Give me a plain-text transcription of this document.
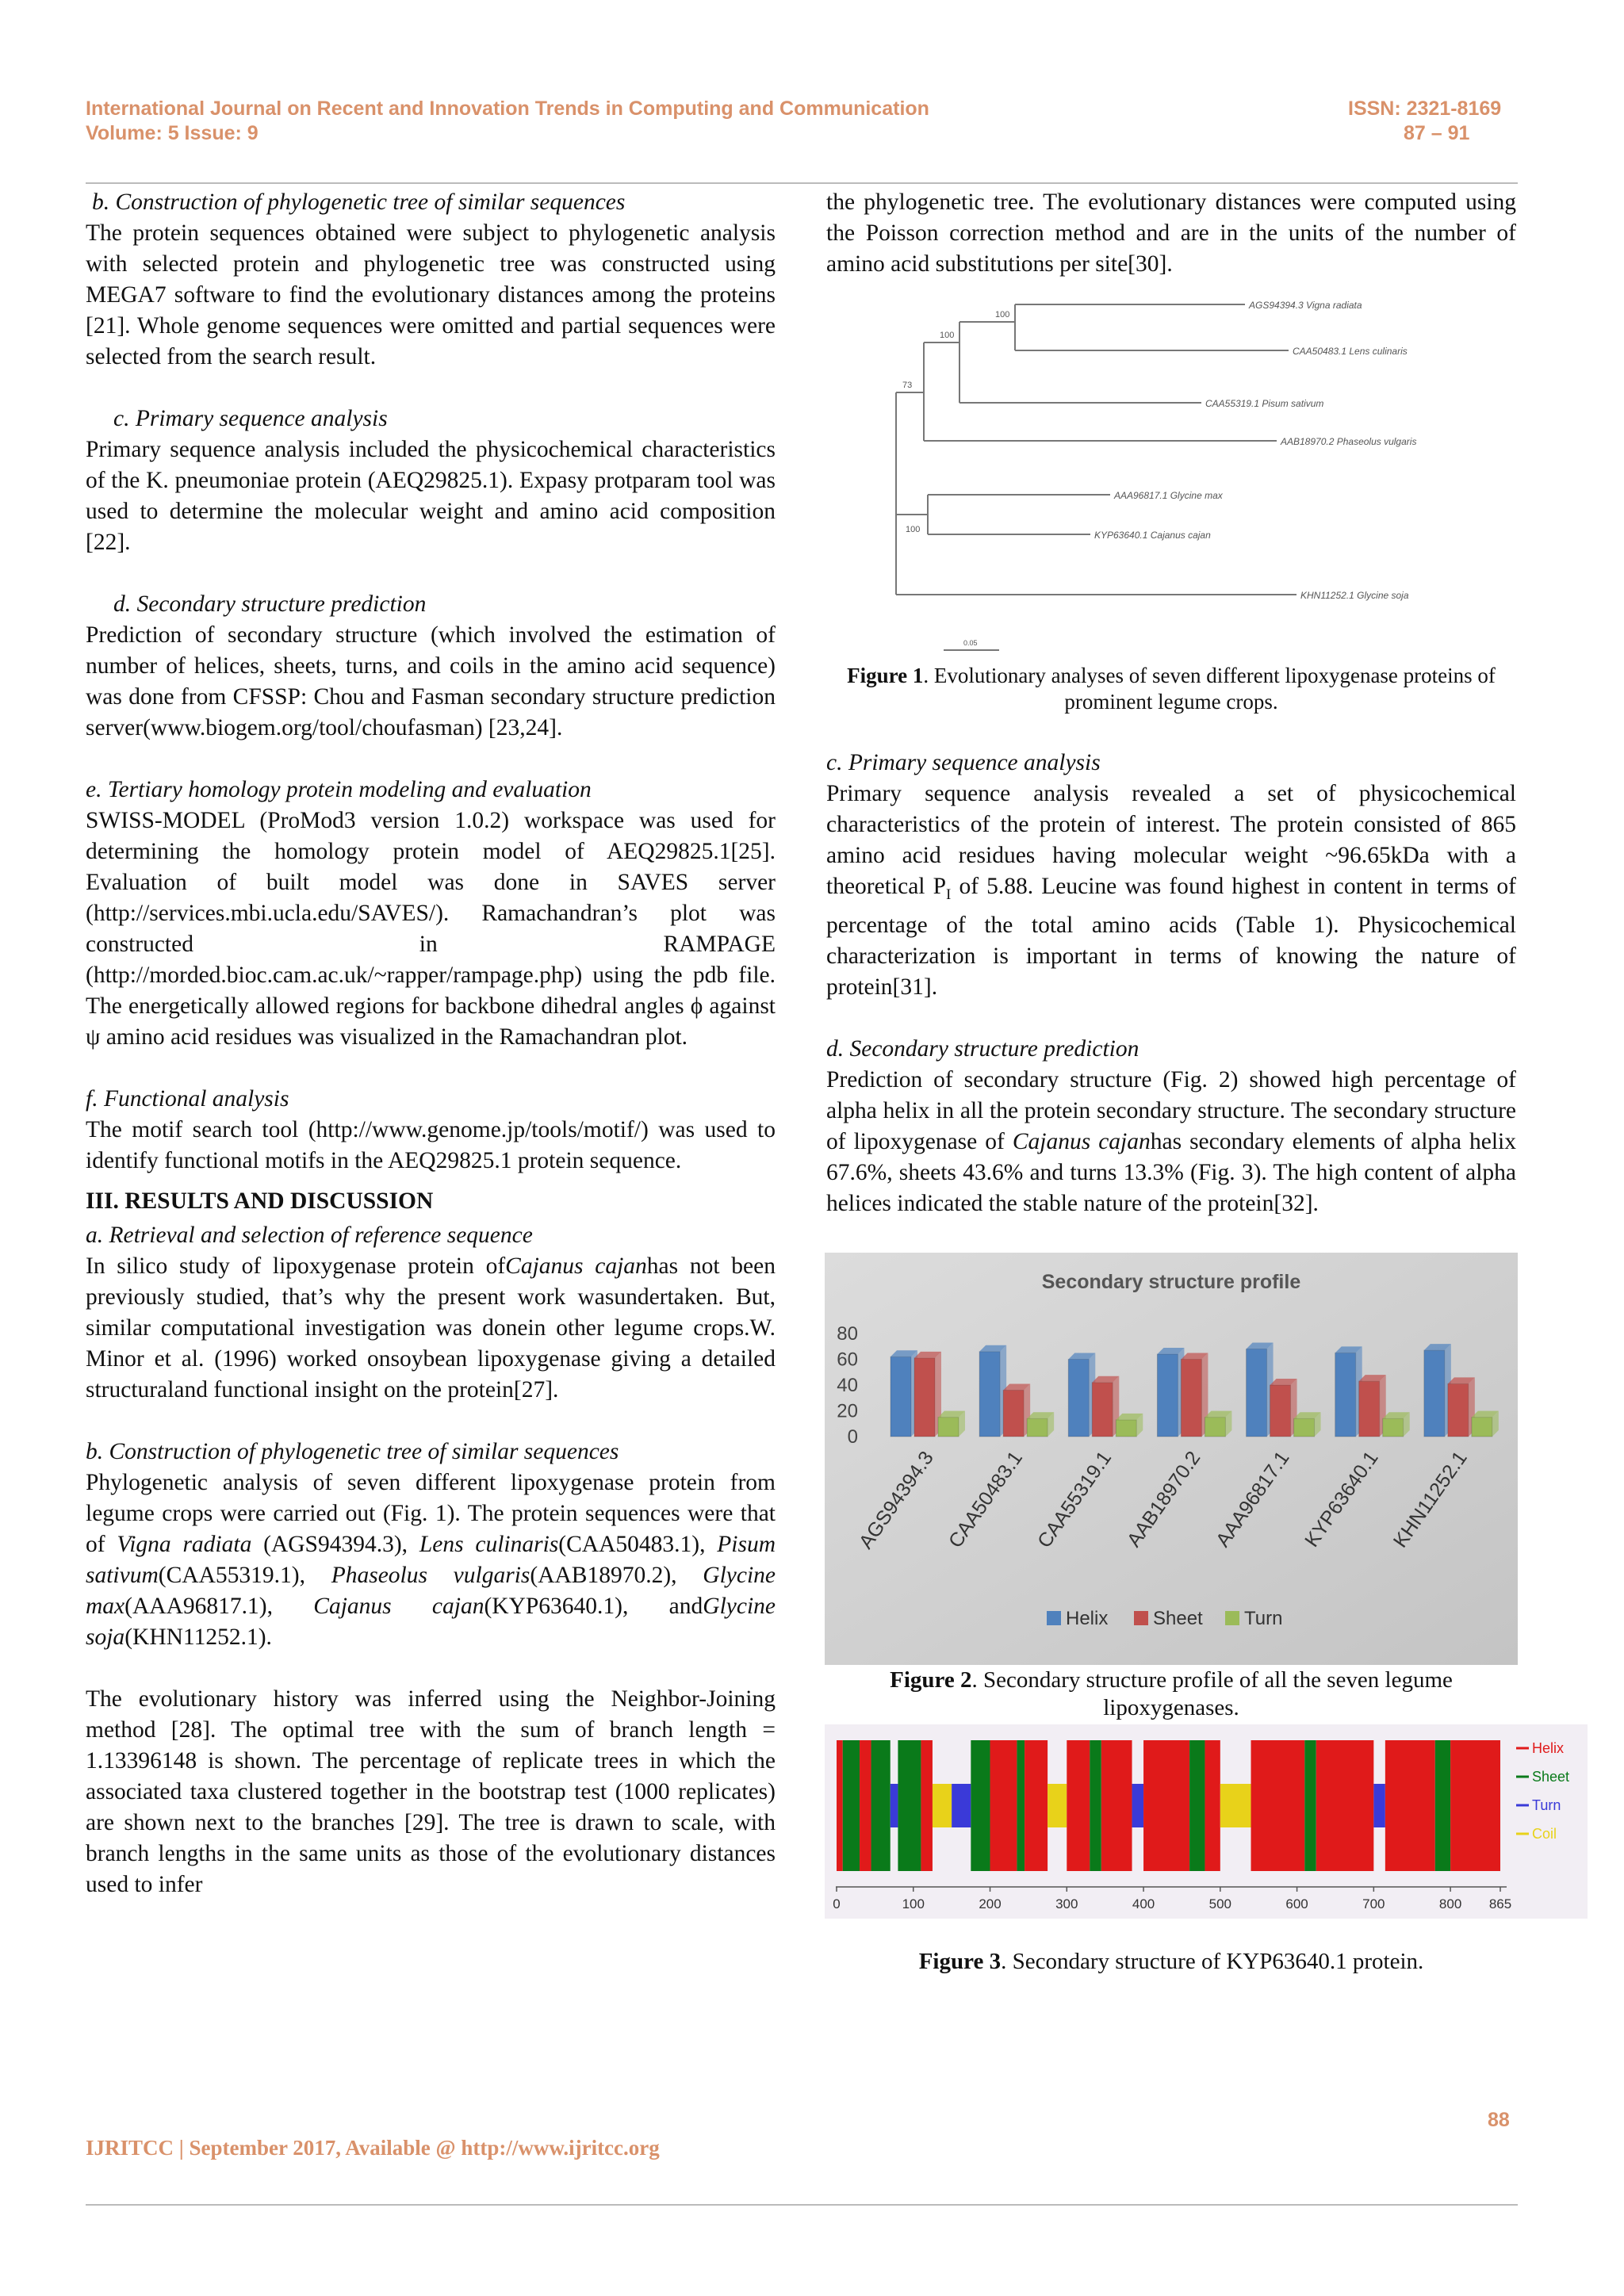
International Journal on Recent and Innovation Trends in Computing and Communication
Volume: 5 Issue: 9
ISSN: 2321-8169
87 – 91

b. Construction of phylogenetic tree of similar sequences

The protein sequences obtained were subject to phylogenetic analysis with selected protein and phylogenetic tree was constructed using MEGA7 software to find the evolutionary distances among the proteins [21]. Whole genome sequences were omitted and partial sequences were selected from the search result.

c. Primary sequence analysis

Primary sequence analysis included the physicochemical characteristics of the K. pneumoniae protein (AEQ29825.1). Expasy protparam tool was used to determine the molecular weight and amino acid composition [22].

d. Secondary structure prediction

Prediction of secondary structure (which involved the estimation of number of helices, sheets, turns, and coils in the amino acid sequence) was done from CFSSP: Chou and Fasman secondary structure prediction server(www.biogem.org/tool/choufasman) [23,24].

e. Tertiary homology protein modeling and evaluation

SWISS-MODEL (ProMod3 version 1.0.2) workspace was used for determining the homology protein model of AEQ29825.1[25]. Evaluation of built model was done in SAVES server (http://services.mbi.ucla.edu/SAVES/). Ramachandran’s plot was constructed in RAMPAGE (http://morded.bioc.cam.ac.uk/~rapper/rampage.php) using the pdb file. The energetically allowed regions for backbone dihedral angles ϕ against ψ amino acid residues was visualized in the Ramachandran plot.

f. Functional analysis

The motif search tool (http://www.genome.jp/tools/motif/) was used to identify functional motifs in the AEQ29825.1 protein sequence.

III. RESULTS AND DISCUSSION

a. Retrieval and selection of reference sequence

In silico study of lipoxygenase protein ofCajanus cajanhas not been previously studied, that’s why the present work wasundertaken. But, similar computational investigation was donein other legume crops.W. Minor et al. (1996) worked onsoybean lipoxygenase giving a detailed structuraland functional insight on the protein[27].

b. Construction of phylogenetic tree of similar sequences

Phylogenetic analysis of seven different lipoxygenase protein from legume crops were carried out (Fig. 1). The protein sequences were that of Vigna radiata (AGS94394.3), Lens culinaris(CAA50483.1), Pisum sativum(CAA55319.1), Phaseolus vulgaris(AAB18970.2), Glycine max(AAA96817.1), Cajanus cajan(KYP63640.1), andGlycine soja(KHN11252.1).

The evolutionary history was inferred using the Neighbor-Joining method [28]. The optimal tree with the sum of branch length = 1.13396148 is shown. The percentage of replicate trees in which the associated taxa clustered together in the bootstrap test (1000 replicates) are shown next to the branches [29]. The tree is drawn to scale, with branch lengths in the same units as those of the evolutionary distances used to infer

the phylogenetic tree. The evolutionary distances were computed using the Poisson correction method and are in the units of the number of amino acid substitutions per site[30].

AGS94394.3 Vigna radiata
CAA50483.1 Lens culinaris
CAA55319.1 Pisum sativum
AAB18970.2 Phaseolus vulgaris
AAA96817.1 Glycine max
KYP63640.1 Cajanus cajan
KHN11252.1 Glycine soja
100
100
73
100
0.05
Figure 1. Evolutionary analyses of seven different lipoxygenase proteins of prominent legume crops.

c. Primary sequence analysis

Primary sequence analysis revealed a set of physicochemical characteristics of the protein of interest. The protein consisted of 865 amino acid residues having molecular weight ~96.65kDa with a theoretical $P_I$ of 5.88. Leucine was found highest in content in terms of percentage of the total amino acids (Table 1). Physicochemical characterization is important in terms of knowing the nature of protein[31].

d. Secondary structure prediction

Prediction of secondary structure (Fig. 2) showed high percentage of alpha helix in all the protein secondary structure. The secondary structure of lipoxygenase of Cajanus cajanhas secondary elements of alpha helix 67.6%, sheets 43.6% and turns 13.3% (Fig. 3). The high content of alpha helices indicated the stable nature of the protein[32].

Secondary structure profile
0
20
40
60
80
AGS94394.3 CAA50483.1 CAA55319.1 AAB18970.2 AAA96817.1 KYP63640.1 KHN11252.1
Helix Sheet Turn
Figure 2. Secondary structure profile of all the seven legume lipoxygenases.
0	100	200	300	400	500	600	700	800 865
Helix
Sheet
Turn
Coil
Figure 3. Secondary structure of KYP63640.1 protein.
88
IJRITCC | September 2017, Available @ http://www.ijritcc.org
